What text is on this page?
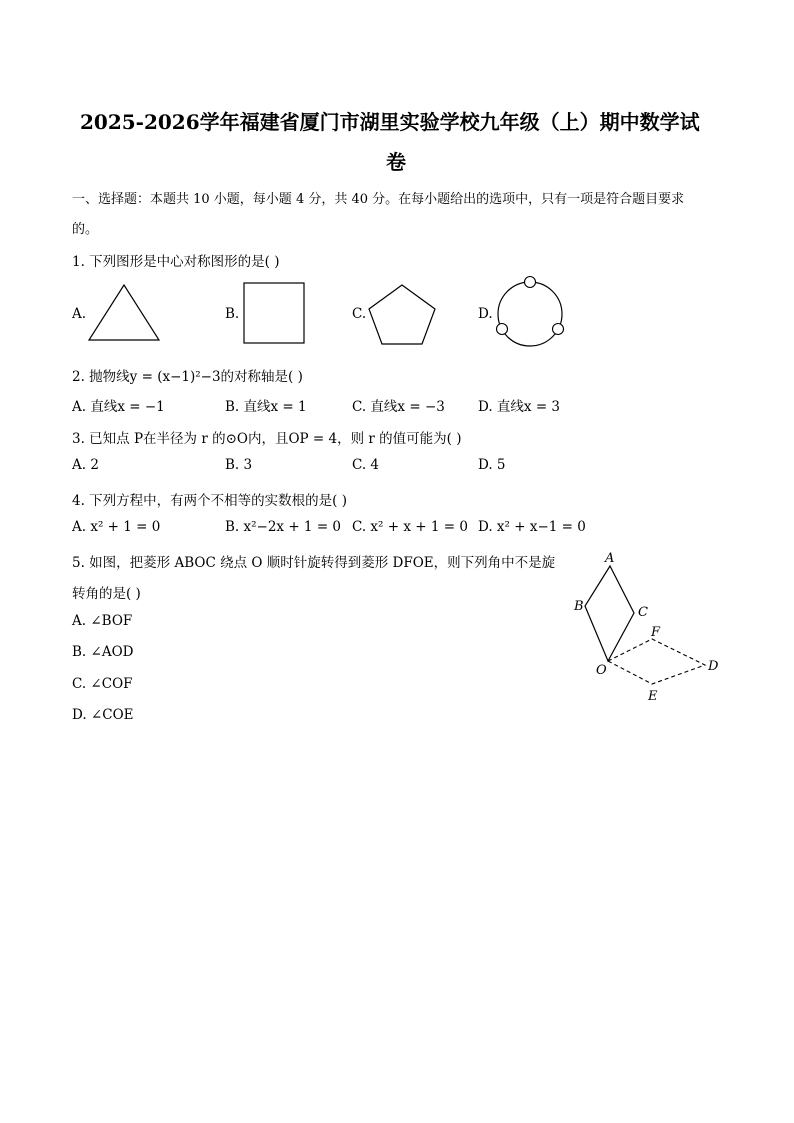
2025-2026学年福建省厦门市湖里实验学校九年级（上）期中数学试
卷
一、选择题：本题共 10 小题，每小题 4 分，共 40 分。在每小题给出的选项中，只有一项是符合题目要求
的。
1. 下列图形是中心对称图形的是( )
A.	B.	C.	D.
2. 抛物线y = (x−1)²−3的对称轴是( )
A. 直线x = −1	B. 直线x = 1	C. 直线x = −3 D. 直线x = 3
3. 已知点 P在半径为 r 的⊙O内，且OP = 4，则 r 的值可能为( )
A. 2	B. 3	C. 4	D. 5
4. 下列方程中，有两个不相等的实数根的是( )
A. x² + 1 = 0	B. x²−2x + 1 = 0 C. x² + x + 1 = 0 D. x² + x−1 = 0
5. 如图，把菱形 ABOC 绕点 O 顺时针旋转得到菱形 DFOE，则下列角中不是旋
转角的是( )
A. ∠BOF
B. ∠AOD
C. ∠COF
D. ∠COE
A
B	C
O
F
D
E
